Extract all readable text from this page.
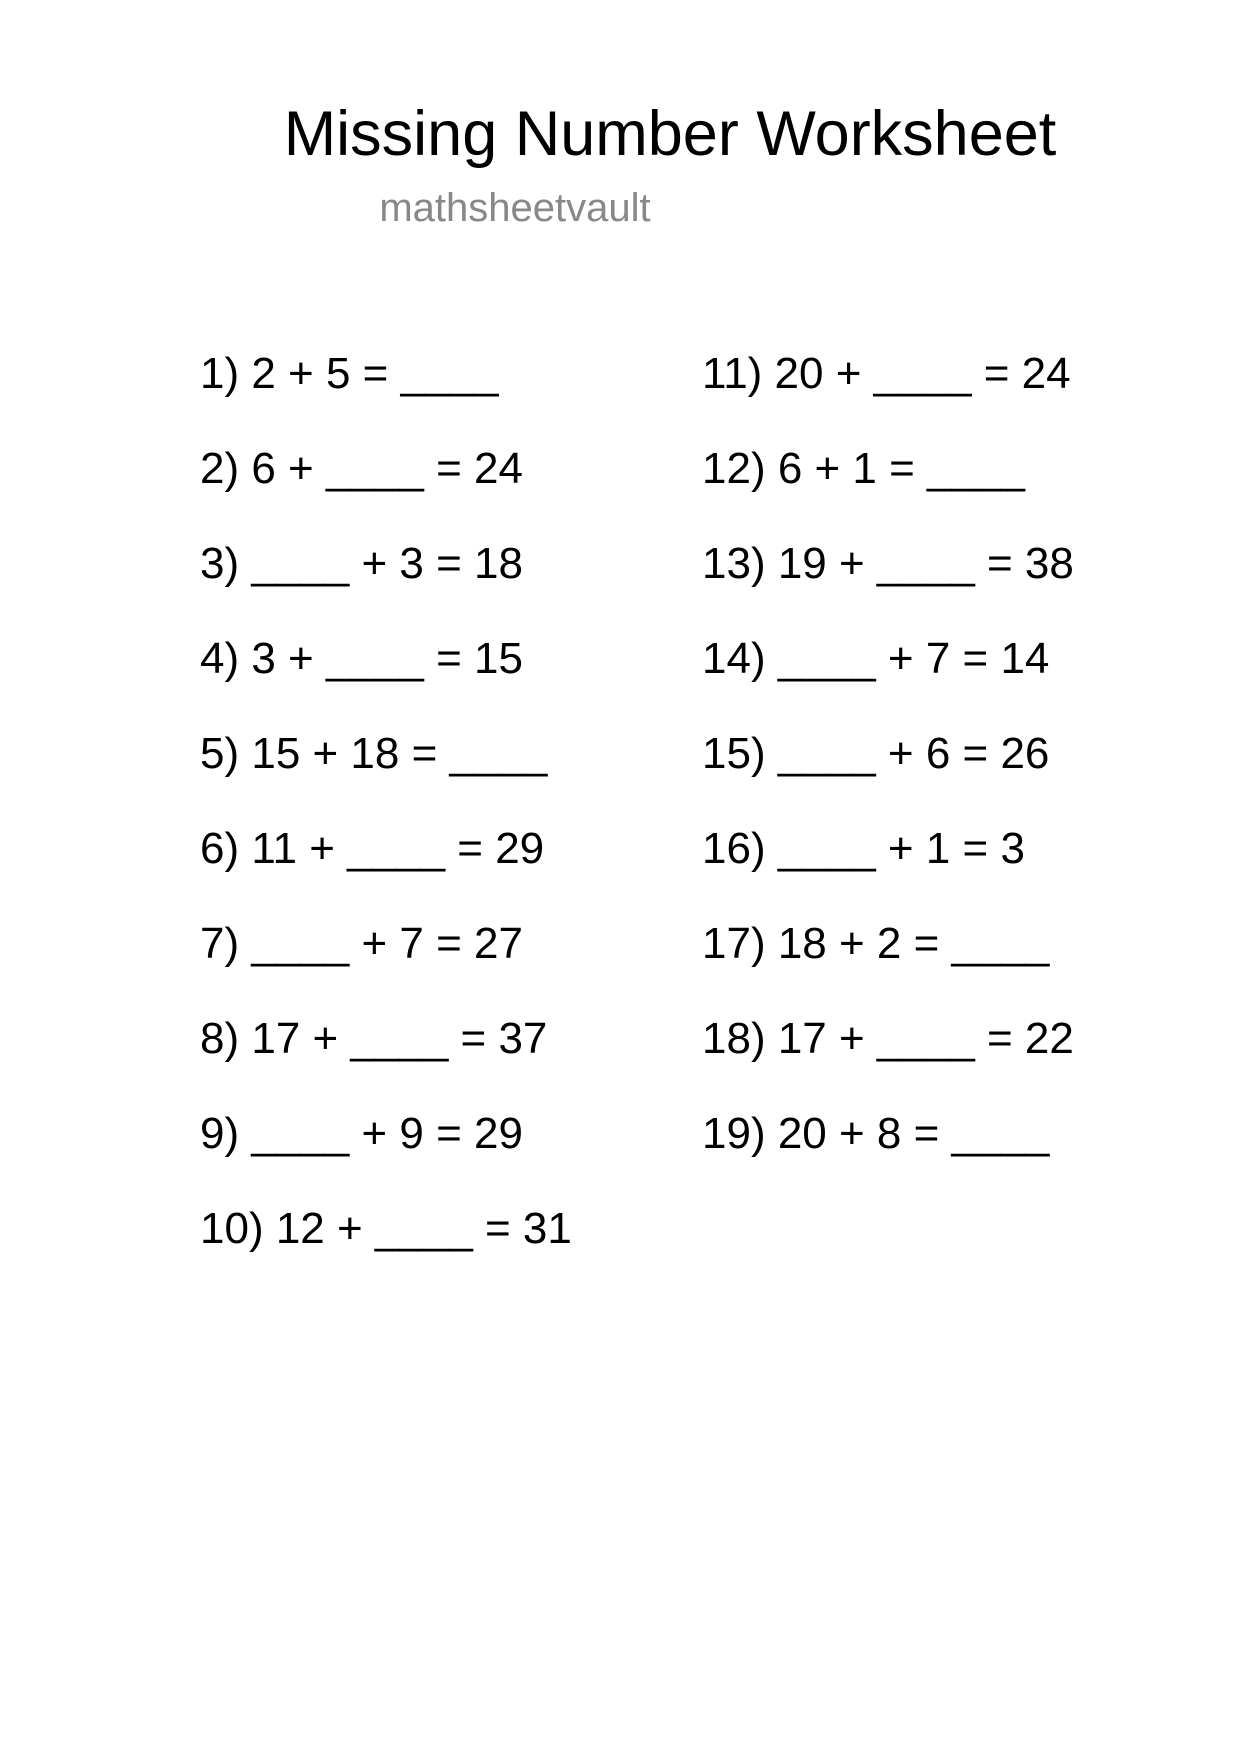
Missing Number Worksheet
mathsheetvault
1) 2 + 5 = ____
2) 6 + ____ = 24
3) ____ + 3 = 18
4) 3 + ____ = 15
5) 15 + 18 = ____
6) 11 + ____ = 29
7) ____ + 7 = 27
8) 17 + ____ = 37
9) ____ + 9 = 29
10) 12 + ____ = 31
11) 20 + ____ = 24
12) 6 + 1 = ____
13) 19 + ____ = 38
14) ____ + 7 = 14
15) ____ + 6 = 26
16) ____ + 1 = 3
17) 18 + 2 = ____
18) 17 + ____ = 22
19) 20 + 8 = ____
